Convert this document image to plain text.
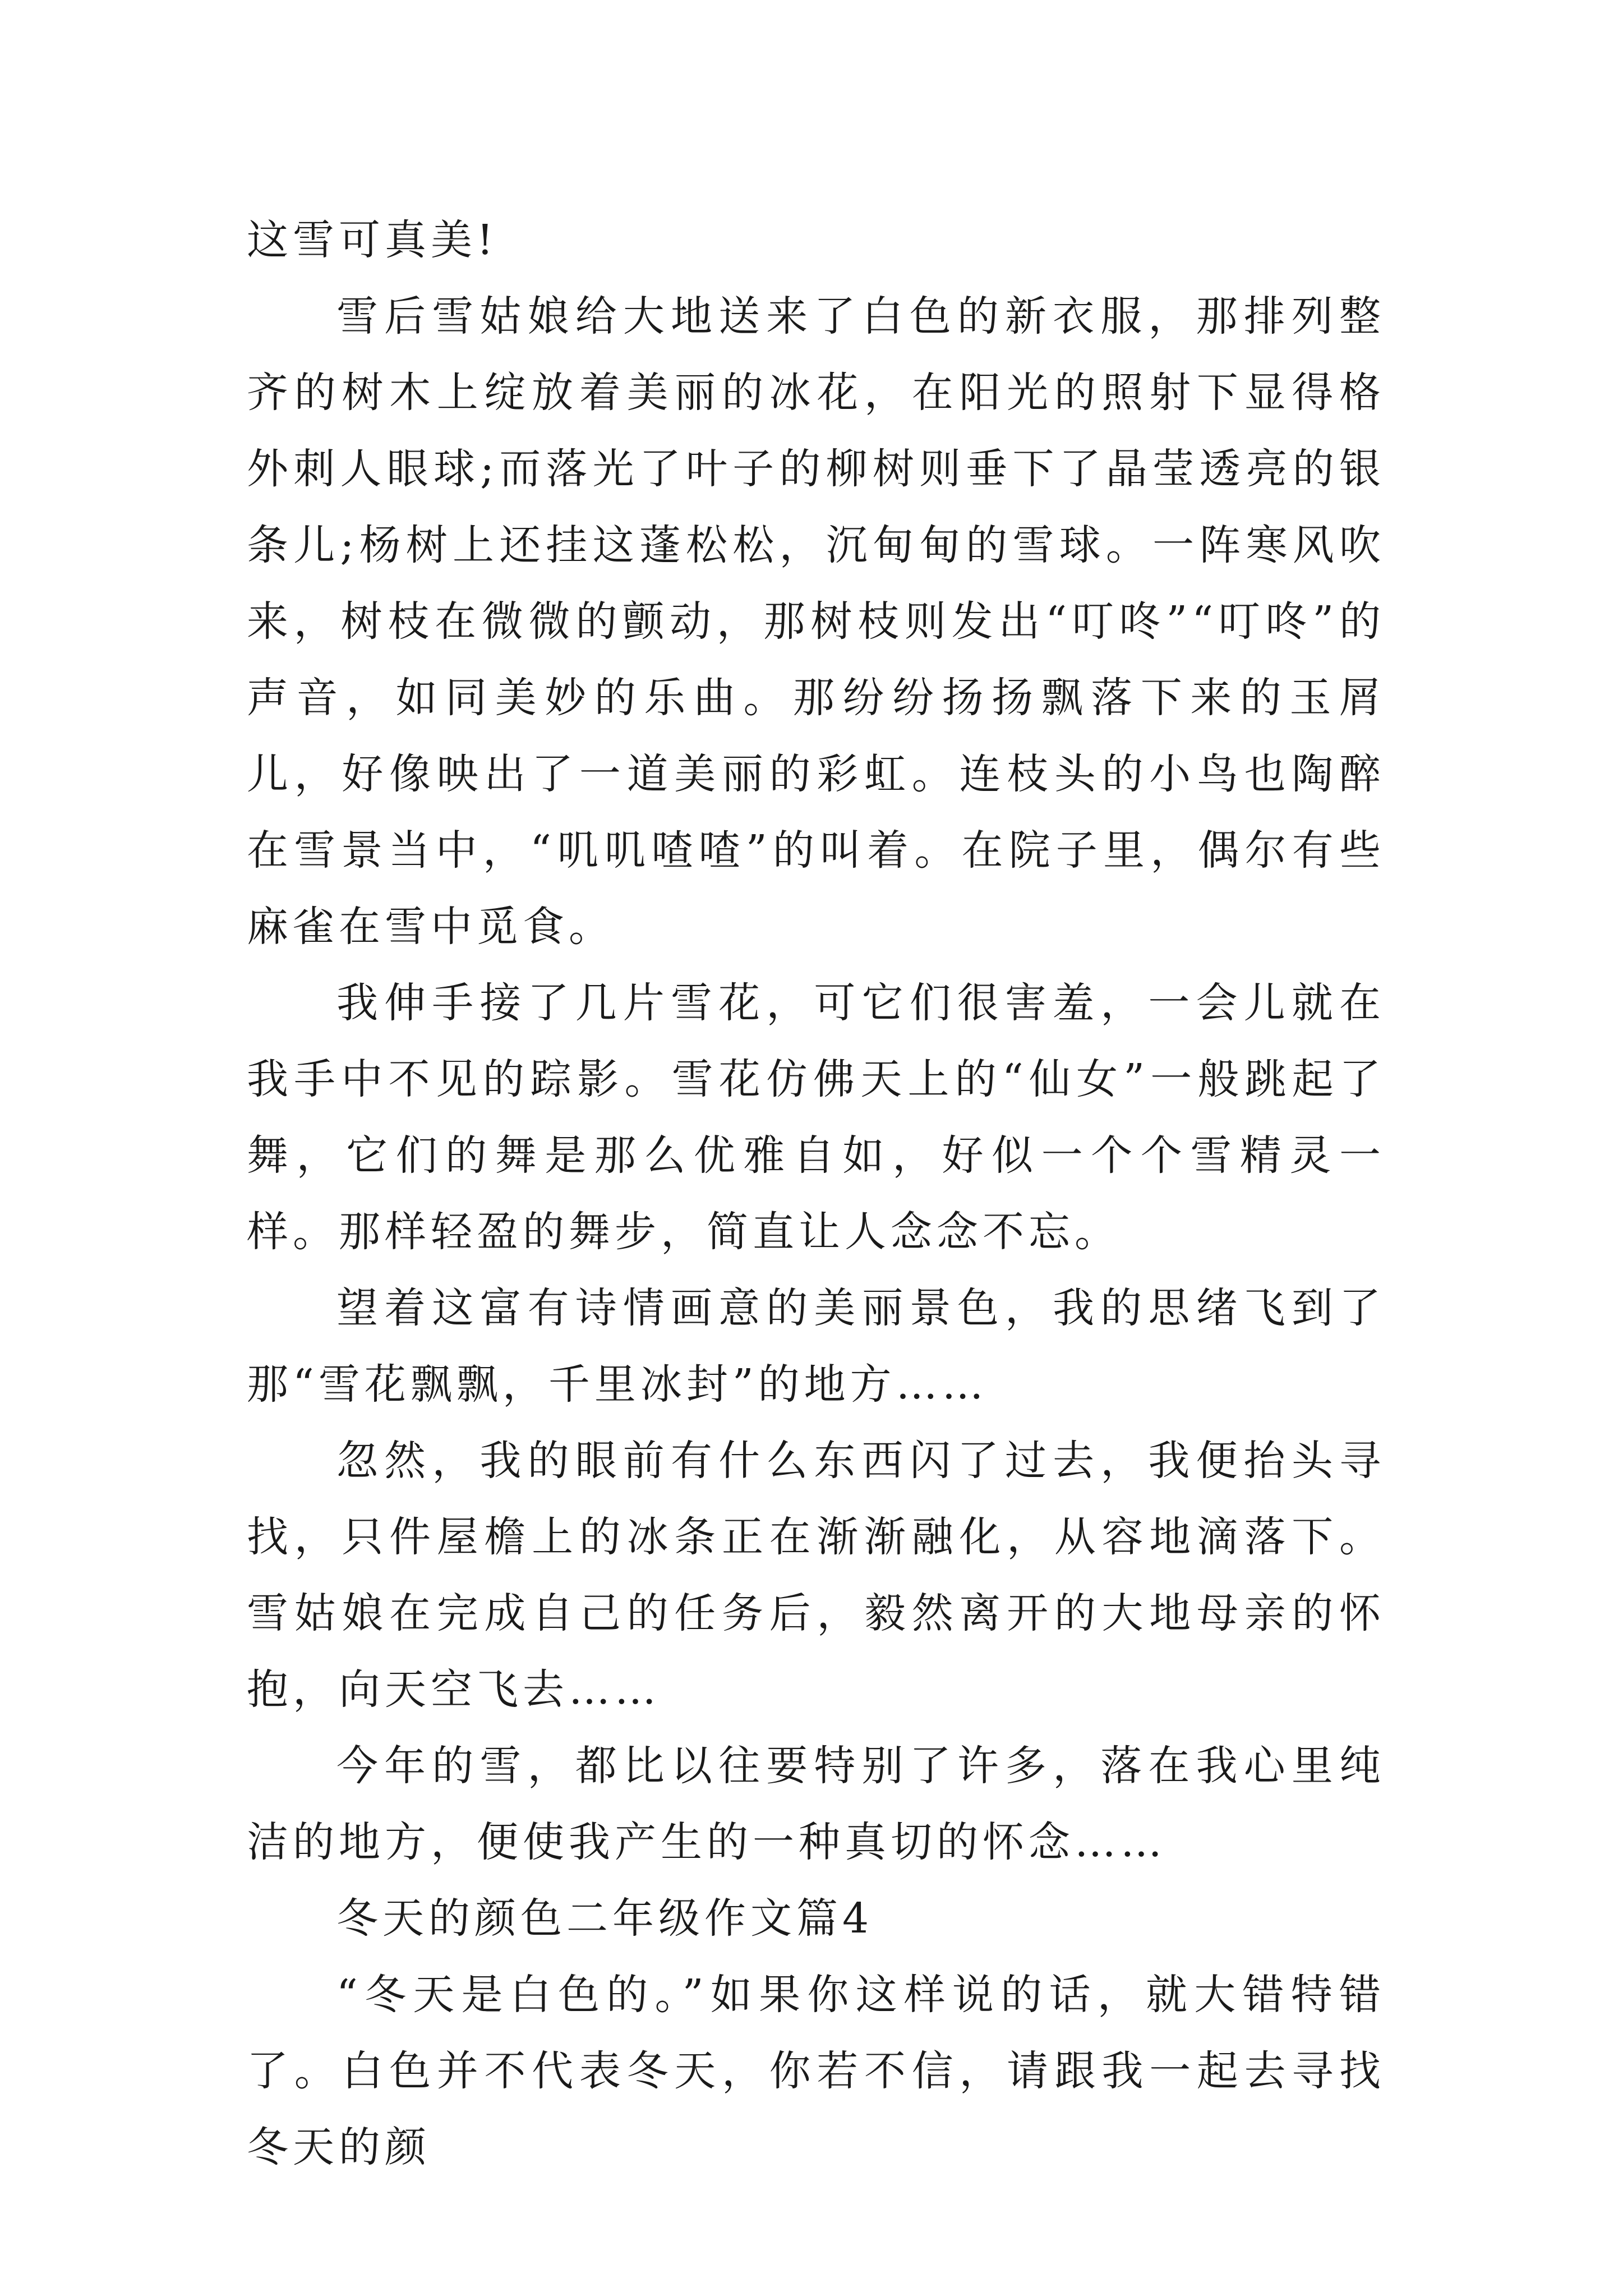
这雪可真美!

雪后雪姑娘给大地送来了白色的新衣服，那排列整齐的树木上绽放着美丽的冰花，在阳光的照射下显得格外刺人眼球;而落光了叶子的柳树则垂下了晶莹透亮的银条儿;杨树上还挂这蓬松松，沉甸甸的雪球。一阵寒风吹来，树枝在微微的颤动，那树枝则发出“叮咚”“叮咚”的声音，如同美妙的乐曲。那纷纷扬扬飘落下来的玉屑儿，好像映出了一道美丽的彩虹。连枝头的小鸟也陶醉在雪景当中，“叽叽喳喳”的叫着。在院子里，偶尔有些麻雀在雪中觅食。

我伸手接了几片雪花，可它们很害羞，一会儿就在我手中不见的踪影。雪花仿佛天上的“仙女”一般跳起了舞，它们的舞是那么优雅自如，好似一个个雪精灵一样。那样轻盈的舞步，简直让人念念不忘。

望着这富有诗情画意的美丽景色，我的思绪飞到了那“雪花飘飘，千里冰封”的地方……

忽然，我的眼前有什么东西闪了过去，我便抬头寻找，只件屋檐上的冰条正在渐渐融化，从容地滴落下。雪姑娘在完成自己的任务后，毅然离开的大地母亲的怀抱，向天空飞去……

今年的雪，都比以往要特别了许多，落在我心里纯洁的地方，便使我产生的一种真切的怀念……

冬天的颜色二年级作文篇4

“冬天是白色的。”如果你这样说的话，就大错特错了。白色并不代表冬天，你若不信，请跟我一起去寻找冬天的颜
